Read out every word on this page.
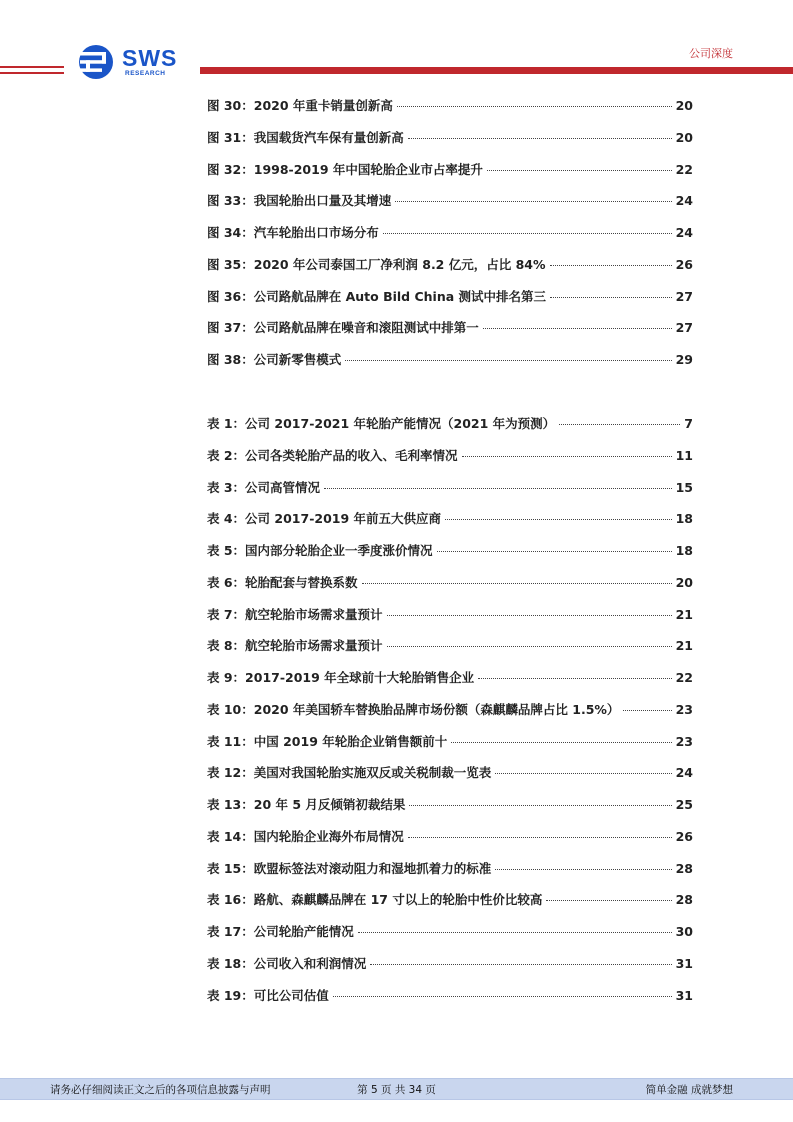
SWS
RESEARCH
公司深度
图 30：2020 年重卡销量创新高	20
图 31：我国载货汽车保有量创新高	20
图 32：1998-2019 年中国轮胎企业市占率提升	22
图 33：我国轮胎出口量及其增速	24
图 34：汽车轮胎出口市场分布	24
图 35：2020 年公司泰国工厂净利润 8.2 亿元，占比 84%	26
图 36：公司路航品牌在 Auto Bild China 测试中排名第三	27
图 37：公司路航品牌在噪音和滚阻测试中排第一	27
图 38：公司新零售模式	29
表 1：公司 2017-2021 年轮胎产能情况（2021 年为预测）	7
表 2：公司各类轮胎产品的收入、毛利率情况	11
表 3：公司高管情况	15
表 4：公司 2017-2019 年前五大供应商	18
表 5：国内部分轮胎企业一季度涨价情况	18
表 6：轮胎配套与替换系数	20
表 7：航空轮胎市场需求量预计	21
表 8：航空轮胎市场需求量预计	21
表 9：2017-2019 年全球前十大轮胎销售企业	22
表 10：2020 年美国轿车替换胎品牌市场份额（森麒麟品牌占比 1.5%）	23
表 11：中国 2019 年轮胎企业销售额前十	23
表 12：美国对我国轮胎实施双反或关税制裁一览表	24
表 13：20 年 5 月反倾销初裁结果	25
表 14：国内轮胎企业海外布局情况	26
表 15：欧盟标签法对滚动阻力和湿地抓着力的标准	28
表 16：路航、森麒麟品牌在 17 寸以上的轮胎中性价比较高	28
表 17：公司轮胎产能情况	30
表 18：公司收入和利润情况	31
表 19：可比公司估值	31
请务必仔细阅读正文之后的各项信息披露与声明	第 5 页 共 34 页	简单金融 成就梦想
